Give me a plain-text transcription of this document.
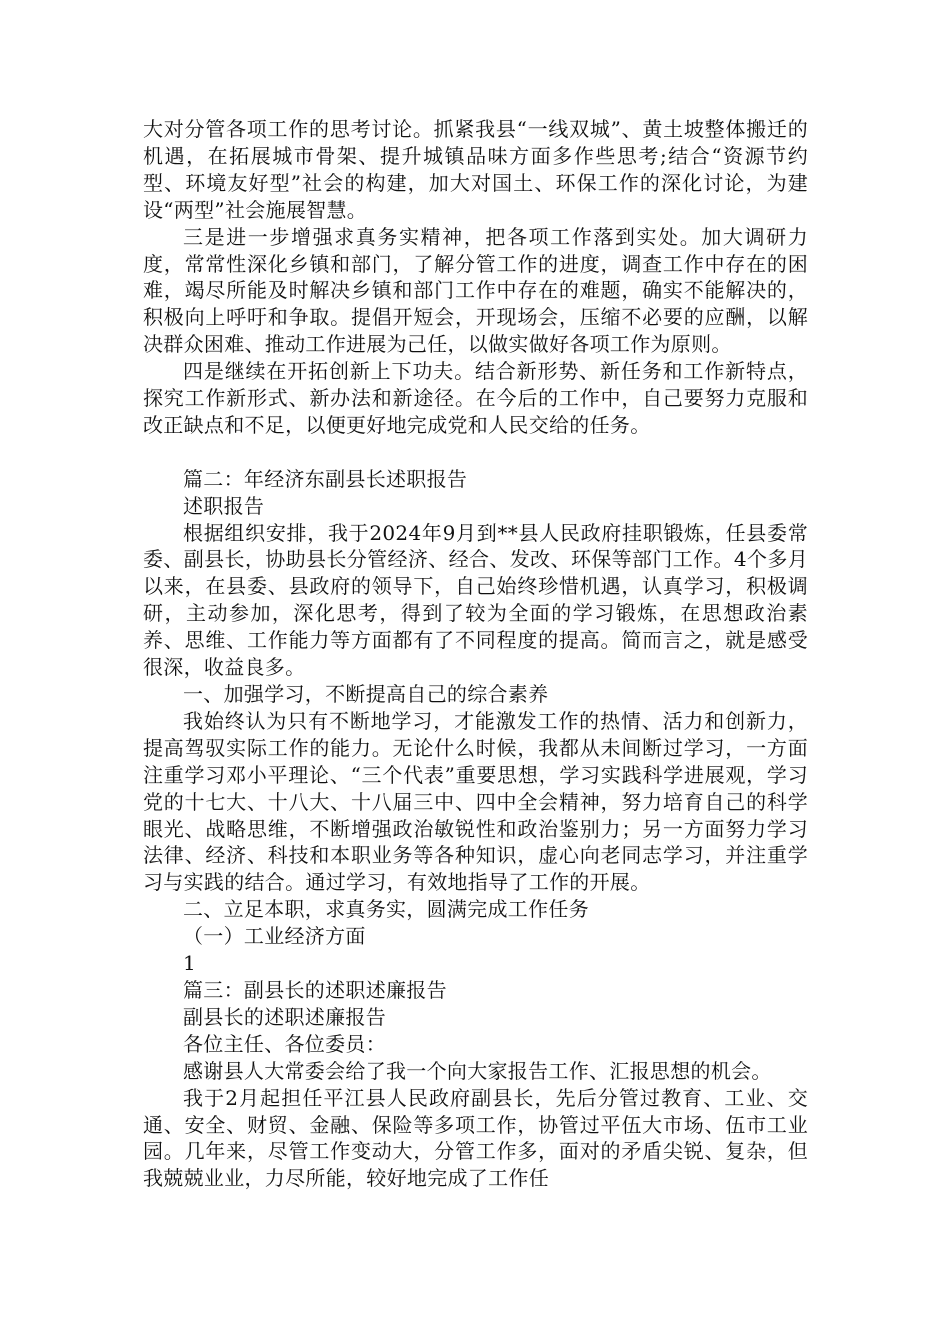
大对分管各项工作的思考讨论。抓紧我县“一线双城”、黄土坡整体搬迁的机遇，在拓展城市骨架、提升城镇品味方面多作些思考;结合“资源节约型、环境友好型”社会的构建，加大对国土、环保工作的深化讨论，为建设“两型”社会施展智慧。

三是进一步增强求真务实精神，把各项工作落到实处。加大调研力度，常常性深化乡镇和部门，了解分管工作的进度，调查工作中存在的困难，竭尽所能及时解决乡镇和部门工作中存在的难题，确实不能解决的，积极向上呼吁和争取。提倡开短会，开现场会，压缩不必要的应酬，以解决群众困难、推动工作进展为己任，以做实做好各项工作为原则。

四是继续在开拓创新上下功夫。结合新形势、新任务和工作新特点，探究工作新形式、新办法和新途径。在今后的工作中，自己要努力克服和改正缺点和不足，以便更好地完成党和人民交给的任务。

篇二：年经济东副县长述职报告

述职报告

根据组织安排，我于2024年9月到**县人民政府挂职锻炼，任县委常委、副县长，协助县长分管经济、经合、发改、环保等部门工作。4个多月以来，在县委、县政府的领导下，自己始终珍惜机遇，认真学习，积极调研，主动参加，深化思考，得到了较为全面的学习锻炼，在思想政治素养、思维、工作能力等方面都有了不同程度的提高。简而言之，就是感受很深，收益良多。

一、加强学习，不断提高自己的综合素养

我始终认为只有不断地学习，才能激发工作的热情、活力和创新力，提高驾驭实际工作的能力。无论什么时候，我都从未间断过学习，一方面注重学习邓小平理论、“三个代表”重要思想，学习实践科学进展观，学习党的十七大、十八大、十八届三中、四中全会精神，努力培育自己的科学眼光、战略思维，不断增强政治敏锐性和政治鉴别力；另一方面努力学习法律、经济、科技和本职业务等各种知识，虚心向老同志学习，并注重学习与实践的结合。通过学习，有效地指导了工作的开展。

二、立足本职，求真务实，圆满完成工作任务

（一）工业经济方面

1

篇三：副县长的述职述廉报告

副县长的述职述廉报告

各位主任、各位委员：

感谢县人大常委会给了我一个向大家报告工作、汇报思想的机会。

我于2月起担任平江县人民政府副县长，先后分管过教育、工业、交通、安全、财贸、金融、保险等多项工作，协管过平伍大市场、伍市工业园。几年来，尽管工作变动大，分管工作多，面对的矛盾尖锐、复杂，但我兢兢业业，力尽所能，较好地完成了工作任
